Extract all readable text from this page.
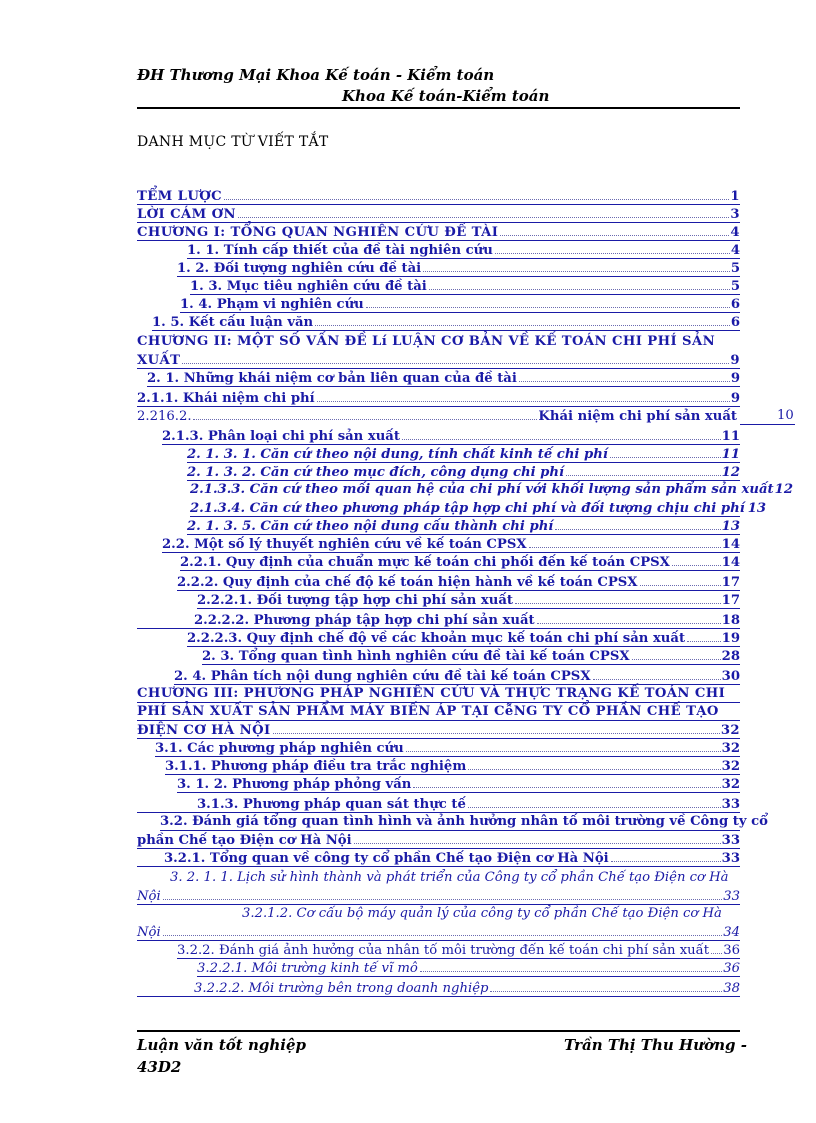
ĐH Thương Mại Khoa Kế toán - Kiểm toán
Khoa Kế toán-Kiểm toán
DANH MỤC TỪ VIẾT TẮT
TỂM LƯỢC	1
LỜI CÁM ƠN	3
CHƯƠNG I: TỔNG QUAN NGHIÊN CỨU ĐỀ TÀI	4
1. 1. Tính cấp thiết của đề tài nghiên cứu	4
1. 2. Đối tượng nghiên cứu đề tài	5
1. 3. Mục tiêu nghiên cứu đề tài	5
1. 4. Phạm vi nghiên cứu	6
1. 5. Kết cấu luận văn	6
CHƯƠNG II: MỘT SỐ VẤN ĐỀ Lí LUẬN CƠ BẢN VỀ KẾ TOÁN CHI PHÍ SẢN
XUẤT	9
2. 1. Những khái niệm cơ bản liên quan của đề tài	9
2.1.1. Khái niệm chi phí	9
2.216.2.	Khái niệm chi phí sản xuất	10
2.1.3. Phân loại chi phí sản xuất	11
2. 1. 3. 1. Căn cứ theo nội dung, tính chất kinh tế chi phí	11
2. 1. 3. 2. Căn cứ theo mục đích, công dụng chi phí	12
2.1.3.3. Căn cứ theo mối quan hệ của chi phí với khối lượng sản phẩm sản xuất 12
2.1.3.4. Căn cứ theo phương pháp tập hợp chi phí và đối tượng chịu chi phí 13
2. 1. 3. 5. Căn cứ theo nội dung cấu thành chi phí	13
2.2. Một số lý thuyết nghiên cứu về kế toán CPSX	14
2.2.1. Quy định của chuẩn mực kế toán chi phối đến kế toán CPSX	14
2.2.2. Quy định của chế độ kế toán hiện hành về kế toán CPSX	17
2.2.2.1. Đối tượng tập hợp chi phí sản xuất	17
2.2.2.2. Phương pháp tập hợp chi phí sản xuất	18
2.2.2.3. Quy định chế độ về các khoản mục kế toán chi phí sản xuất	19
2. 3. Tổng quan tình hình nghiên cứu đề tài kế toán CPSX	28
2. 4. Phân tích nội dung nghiên cứu đề tài kế toán CPSX	30
CHƯƠNG III: PHƯƠNG PHÁP NGHIÊN CỨU VÀ THỰC TRẠNG KẾ TOÁN CHI
PHÍ SẢN XUẤT SẢN PHẨM MÁY BIẾN ÁP TẠI CễNG TY CỔ PHẦN CHẾ TẠO
ĐIỆN CƠ HÀ NỘI	32
3.1. Các phương pháp nghiên cứu	32
3.1.1. Phương pháp điều tra trắc nghiệm	32
3. 1. 2. Phương pháp phỏng vấn	32
3.1.3. Phương pháp quan sát thực tế	33
3.2. Đánh giá tổng quan tình hình và ảnh hưởng nhân tố môi trường về Công ty cổ
phần Chế tạo Điện cơ Hà Nội	33
3.2.1. Tổng quan về công ty cổ phần Chế tạo Điện cơ Hà Nội	33
3. 2. 1. 1. Lịch sử hình thành và phát triển của Công ty cổ phần Chế tạo Điện cơ Hà
Nội	33
3.2.1.2. Cơ cấu bộ máy quản lý của công ty cổ phần Chế tạo Điện cơ Hà
Nội	34
3.2.2. Đánh giá ảnh hưởng của nhân tố môi trường đến kế toán chi phí sản xuất 36
3.2.2.1. Môi trường kinh tế vĩ mô	36
3.2.2.2. Môi trường bên trong doanh nghiệp	38
Luận văn tốt nghiệp	Trần Thị Thu Hường -
43D2
